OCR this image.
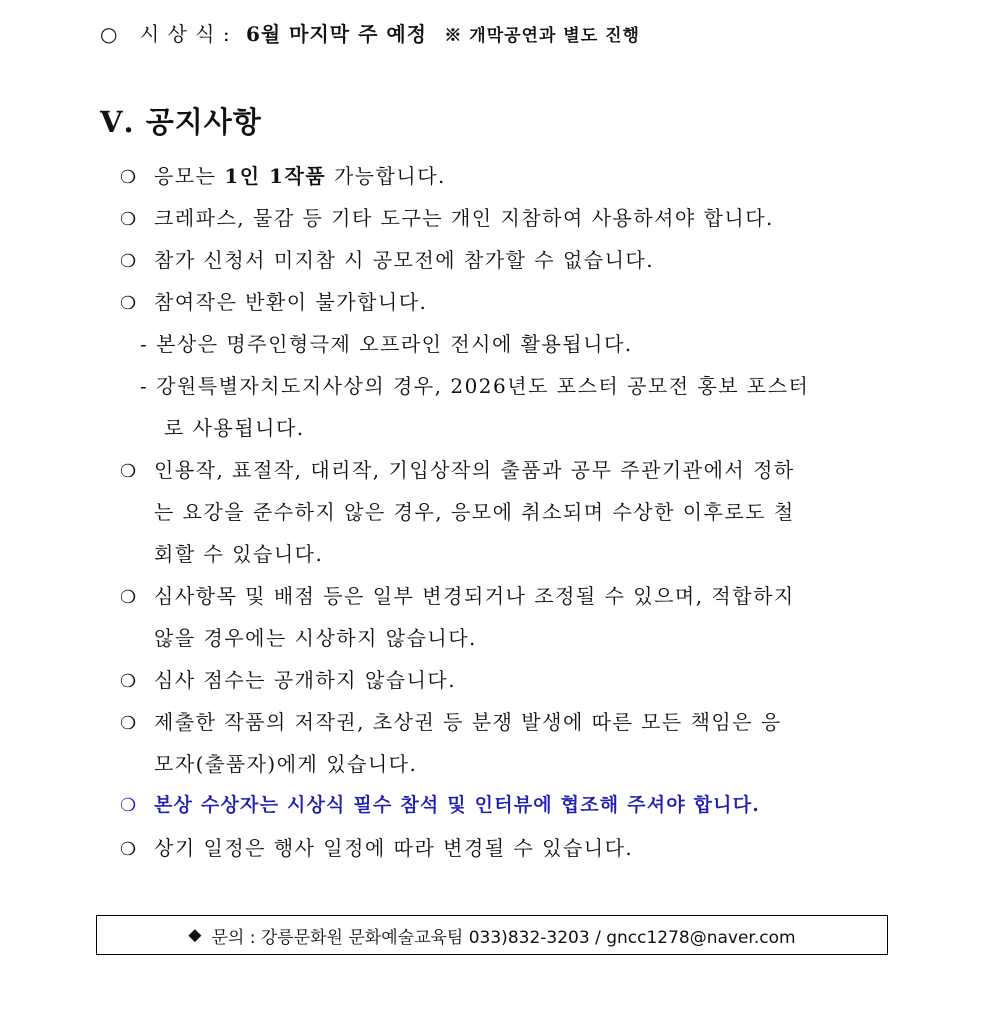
○ 시 상 식 : 6월 마지막 주 예정 ※ 개막공연과 별도 진행
Ⅴ. 공지사항
❍ 응모는 1인 1작품 가능합니다.
❍ 크레파스, 물감 등 기타 도구는 개인 지참하여 사용하셔야 합니다.
❍ 참가 신청서 미지참 시 공모전에 참가할 수 없습니다.
❍ 참여작은 반환이 불가합니다.
- 본상은 명주인형극제 오프라인 전시에 활용됩니다.
- 강원특별자치도지사상의 경우, 2026년도 포스터 공모전 홍보 포스터
로 사용됩니다.
❍ 인용작, 표절작, 대리작, 기입상작의 출품과 공무 주관기관에서 정하
는 요강을 준수하지 않은 경우, 응모에 취소되며 수상한 이후로도 철
회할 수 있습니다.
❍ 심사항목 및 배점 등은 일부 변경되거나 조정될 수 있으며, 적합하지
않을 경우에는 시상하지 않습니다.
❍ 심사 점수는 공개하지 않습니다.
❍ 제출한 작품의 저작권, 초상권 등 분쟁 발생에 따른 모든 책임은 응
모자(출품자)에게 있습니다.
❍ 본상 수상자는 시상식 필수 참석 및 인터뷰에 협조해 주셔야 합니다.
❍ 상기 일정은 행사 일정에 따라 변경될 수 있습니다.
◆ 문의 : 강릉문화원 문화예술교육팀 033)832-3203 / gncc1278@naver.com
